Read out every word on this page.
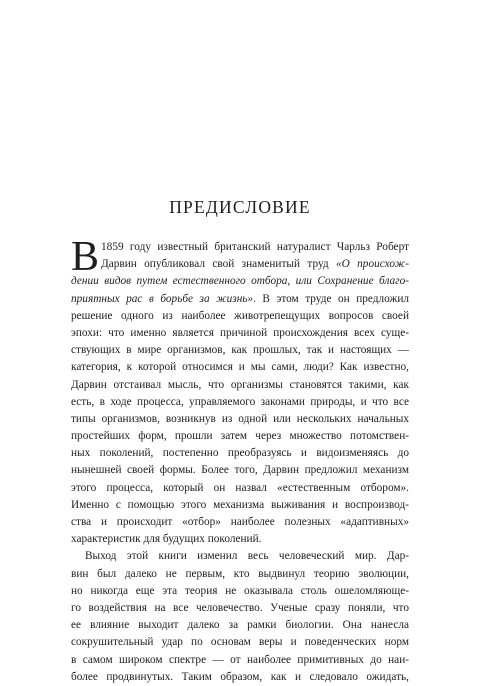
ПРЕДИСЛОВИЕ
В 1859 году известный британский натуралист Чарльз Роберт
Дарвин опубликовал свой знаменитый труд «О происхож-
дении видов путем естественного отбора, или Сохранение благо-
приятных рас в борьбе за жизнь». В этом труде он предложил
решение одного из наиболее животрепещущих вопросов своей
эпохи: что именно является причиной происхождения всех суще-
ствующих в мире организмов, как прошлых, так и настоящих —
категория, к которой относимся и мы сами, люди? Как известно,
Дарвин отстаивал мысль, что организмы становятся такими, как
есть, в ходе процесса, управляемого законами природы, и что все
типы организмов, возникнув из одной или нескольких начальных
простейших форм, прошли затем через множество потомствен-
ных поколений, постепенно преобразуясь и видоизменяясь до
нынешней своей формы. Более того, Дарвин предложил механизм
этого процесса, который он назвал «естественным отбором».
Именно с помощью этого механизма выживания и воспроизвод-
ства и происходит «отбор» наиболее полезных «адаптивных»
характеристик для будущих поколений.
Выход этой книги изменил весь человеческий мир. Дар-
вин был далеко не первым, кто выдвинул теорию эволюции,
но никогда еще эта теория не оказывала столь ошеломляюще-
го воздействия на все человечество. Ученые сразу поняли, что
ее влияние выходит далеко за рамки биологии. Она нанесла
сокрушительный удар по основам веры и поведенческих норм
в самом широком спектре — от наиболее примитивных до наи-
более продвинутых. Таким образом, как и следовало ожидать,
